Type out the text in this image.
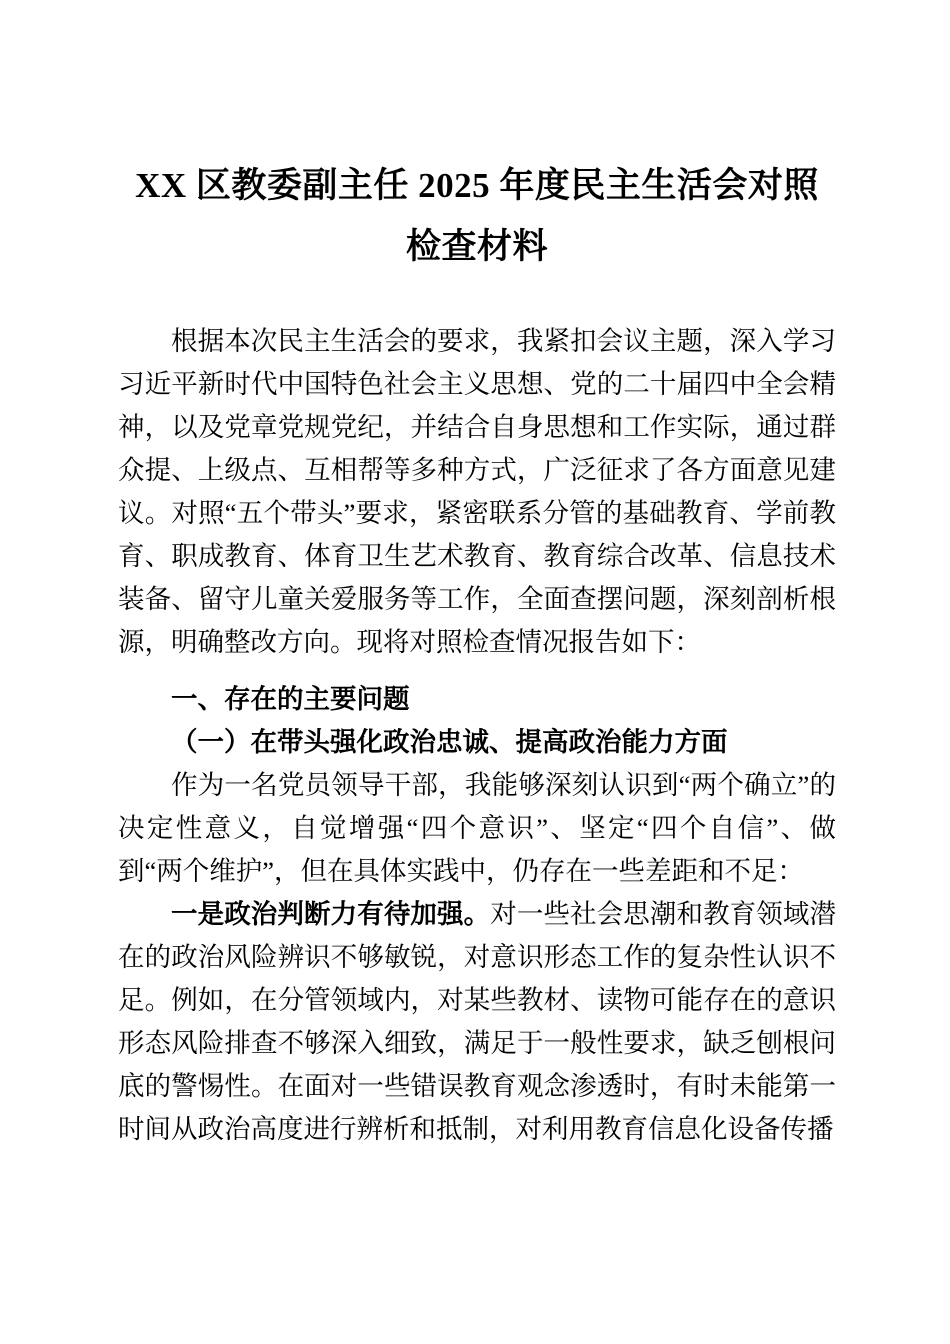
XX 区教委副主任 2025 年度民主生活会对照检查材料

根据本次民主生活会的要求，我紧扣会议主题，深入学习习近平新时代中国特色社会主义思想、党的二十届四中全会精神，以及党章党规党纪，并结合自身思想和工作实际，通过群众提、上级点、互相帮等多种方式，广泛征求了各方面意见建议。对照“五个带头”要求，紧密联系分管的基础教育、学前教育、职成教育、体育卫生艺术教育、教育综合改革、信息技术装备、留守儿童关爱服务等工作，全面查摆问题，深刻剖析根源，明确整改方向。现将对照检查情况报告如下：

一、存在的主要问题
（一）在带头强化政治忠诚、提高政治能力方面

作为一名党员领导干部，我能够深刻认识到“两个确立”的决定性意义，自觉增强“四个意识”、坚定“四个自信”、做到“两个维护”，但在具体实践中，仍存在一些差距和不足：

一是政治判断力有待加强。对一些社会思潮和教育领域潜在的政治风险辨识不够敏锐，对意识形态工作的复杂性认识不足。例如，在分管领域内，对某些教材、读物可能存在的意识形态风险排查不够深入细致，满足于一般性要求，缺乏刨根问底的警惕性。在面对一些错误教育观念渗透时，有时未能第一时间从政治高度进行辨析和抵制，对利用教育信息化设备传播
